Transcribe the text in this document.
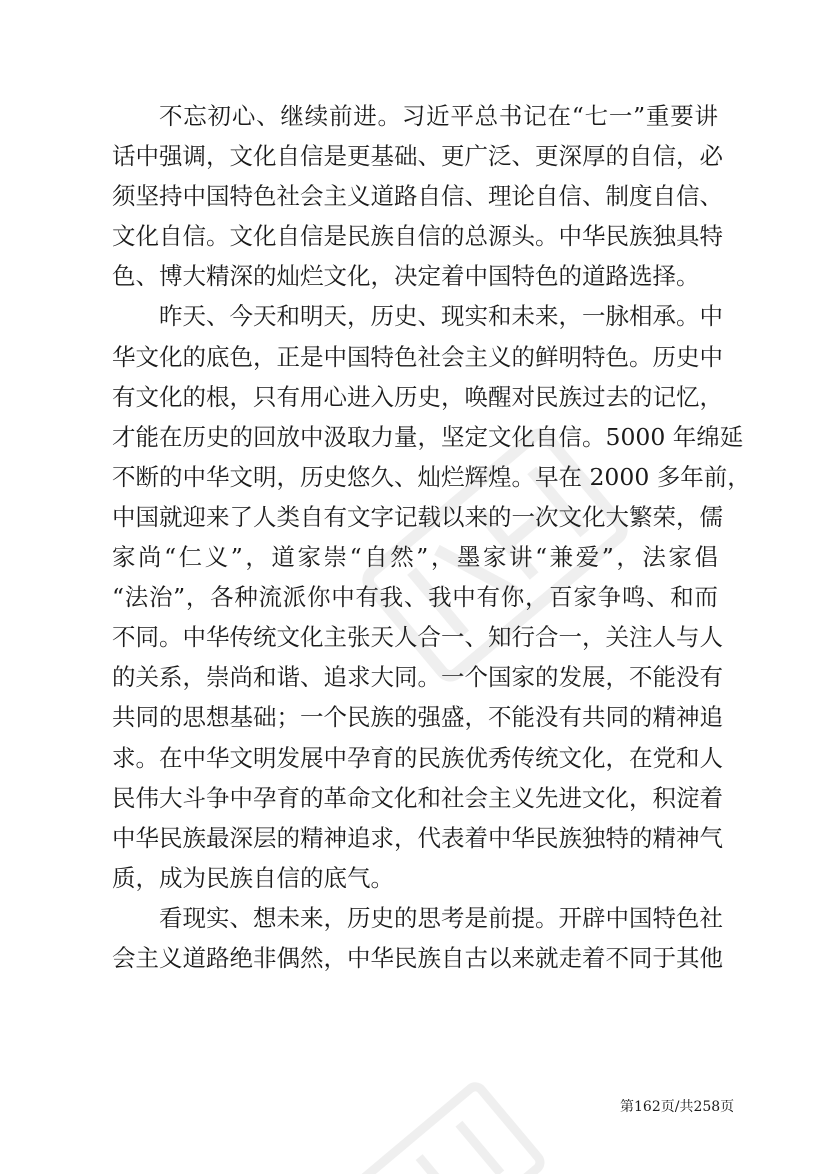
不忘初心、继续前进。习近平总书记在“七一”重要讲
话中强调，文化自信是更基础、更广泛、更深厚的自信，必
须坚持中国特色社会主义道路自信、理论自信、制度自信、
文化自信。文化自信是民族自信的总源头。中华民族独具特
色、博大精深的灿烂文化，决定着中国特色的道路选择。
昨天、今天和明天，历史、现实和未来，一脉相承。中
华文化的底色，正是中国特色社会主义的鲜明特色。历史中
有文化的根，只有用心进入历史，唤醒对民族过去的记忆，
才能在历史的回放中汲取力量，坚定文化自信。5000 年绵延
不断的中华文明，历史悠久、灿烂辉煌。早在 2000 多年前，
中国就迎来了人类自有文字记载以来的一次文化大繁荣，儒
家尚“仁义”，道家崇“自然”，墨家讲“兼爱”，法家倡
“法治”，各种流派你中有我、我中有你，百家争鸣、和而
不同。中华传统文化主张天人合一、知行合一，关注人与人
的关系，崇尚和谐、追求大同。一个国家的发展，不能没有
共同的思想基础；一个民族的强盛，不能没有共同的精神追
求。在中华文明发展中孕育的民族优秀传统文化，在党和人
民伟大斗争中孕育的革命文化和社会主义先进文化，积淀着
中华民族最深层的精神追求，代表着中华民族独特的精神气
质，成为民族自信的底气。
看现实、想未来，历史的思考是前提。开辟中国特色社
会主义道路绝非偶然，中华民族自古以来就走着不同于其他
第162页/共258页
